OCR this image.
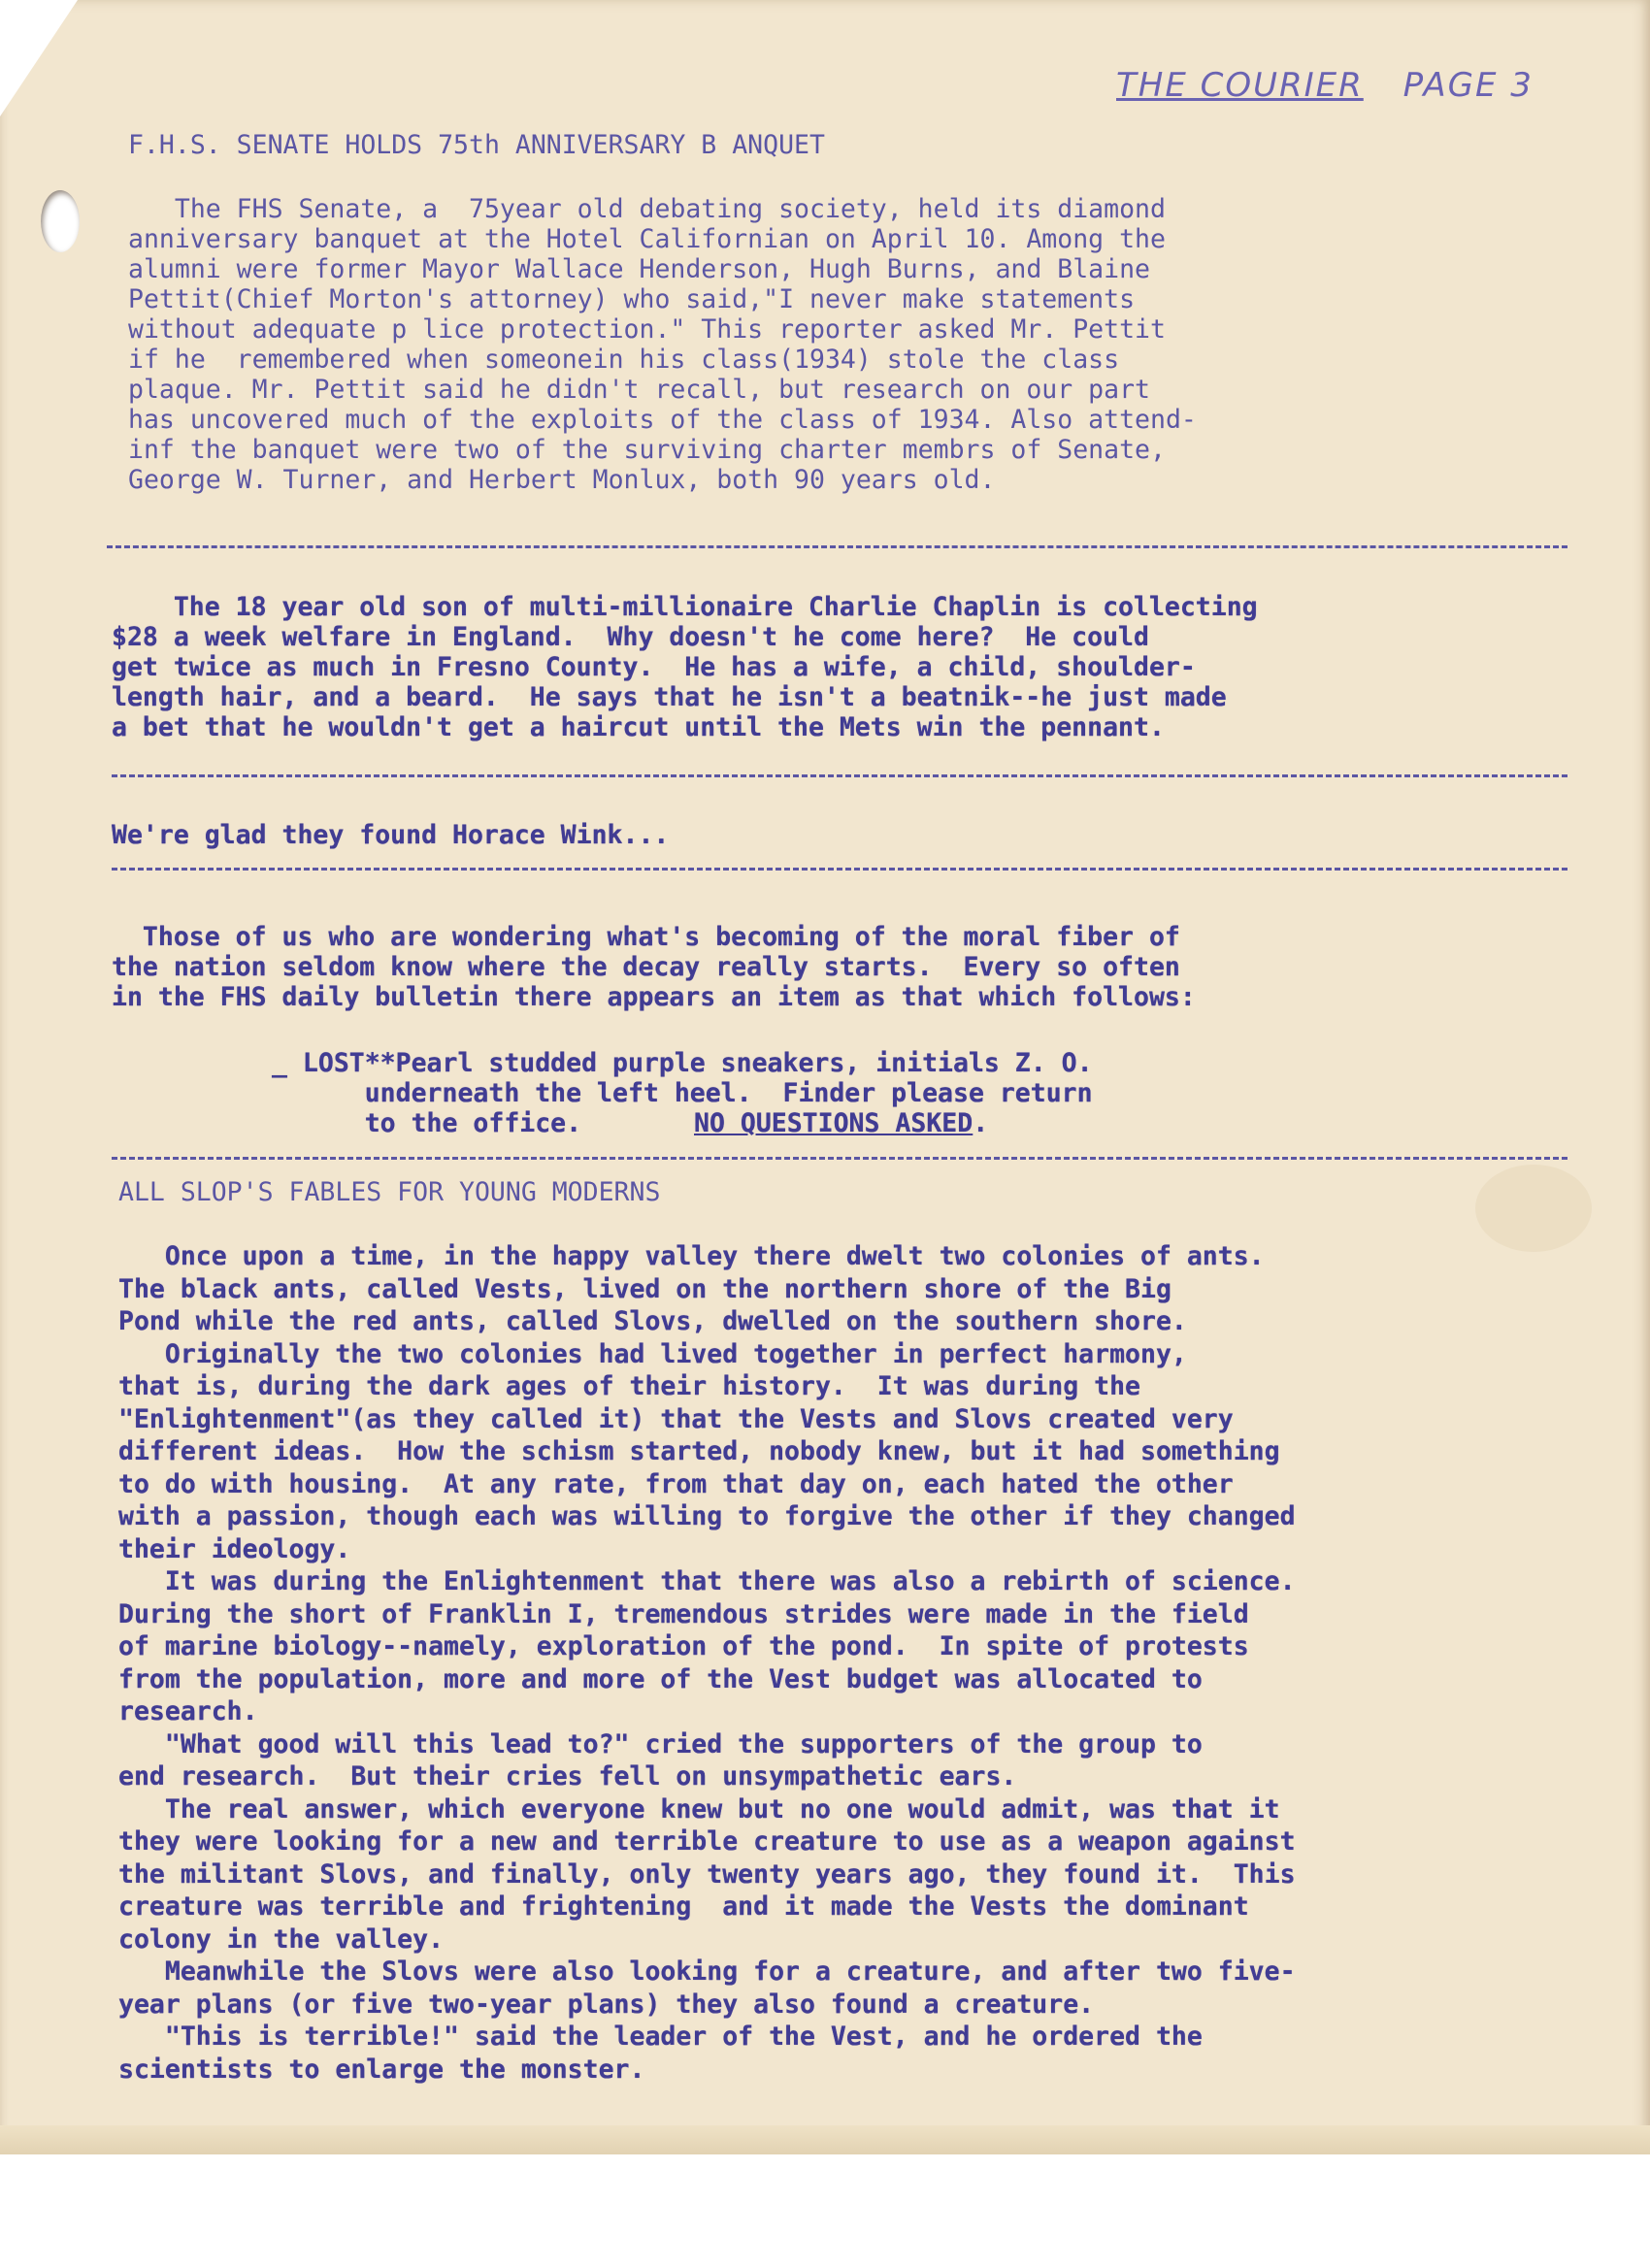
THE COURIER PAGE 3
F.H.S. SENATE HOLDS 75th ANNIVERSARY B ANQUET
The FHS Senate, a  75year old debating society, held its diamond
anniversary banquet at the Hotel Californian on April 10. Among the
alumni were former Mayor Wallace Henderson, Hugh Burns, and Blaine
Pettit(Chief Morton's attorney) who said,"I never make statements
without adequate p lice protection." This reporter asked Mr. Pettit
if he  remembered when someonein his class(1934) stole the class
plaque. Mr. Pettit said he didn't recall, but research on our part
has uncovered much of the exploits of the class of 1934. Also attend-
inf the banquet were two of the surviving charter membrs of Senate,
George W. Turner, and Herbert Monlux, both 90 years old.
The 18 year old son of multi-millionaire Charlie Chaplin is collecting
$28 a week welfare in England.  Why doesn't he come here?  He could
get twice as much in Fresno County.  He has a wife, a child, shoulder-
length hair, and a beard.  He says that he isn't a beatnik--he just made
a bet that he wouldn't get a haircut until the Mets win the pennant.
We're glad they found Horace Wink...
Those of us who are wondering what's becoming of the moral fiber of
the nation seldom know where the decay really starts.  Every so often
in the FHS daily bulletin there appears an item as that which follows:
_ LOST**Pearl studded purple sneakers, initials Z. O.
underneath the left heel.  Finder please return
to the office.	NO QUESTIONS ASKED.
ALL SLOP'S FABLES FOR YOUNG MODERNS
Once upon a time, in the happy valley there dwelt two colonies of ants.
The black ants, called Vests, lived on the northern shore of the Big
Pond while the red ants, called Slovs, dwelled on the southern shore.
Originally the two colonies had lived together in perfect harmony,
that is, during the dark ages of their history.  It was during the
"Enlightenment"(as they called it) that the Vests and Slovs created very
different ideas.  How the schism started, nobody knew, but it had something
to do with housing.  At any rate, from that day on, each hated the other
with a passion, though each was willing to forgive the other if they changed
their ideology.
It was during the Enlightenment that there was also a rebirth of science.
During the short of Franklin I, tremendous strides were made in the field
of marine biology--namely, exploration of the pond.  In spite of protests
from the population, more and more of the Vest budget was allocated to
research.
"What good will this lead to?" cried the supporters of the group to
end research.  But their cries fell on unsympathetic ears.
The real answer, which everyone knew but no one would admit, was that it
they were looking for a new and terrible creature to use as a weapon against
the militant Slovs, and finally, only twenty years ago, they found it.  This
creature was terrible and frightening  and it made the Vests the dominant
colony in the valley.
Meanwhile the Slovs were also looking for a creature, and after two five-
year plans (or five two-year plans) they also found a creature.
"This is terrible!" said the leader of the Vest, and he ordered the
scientists to enlarge the monster.
